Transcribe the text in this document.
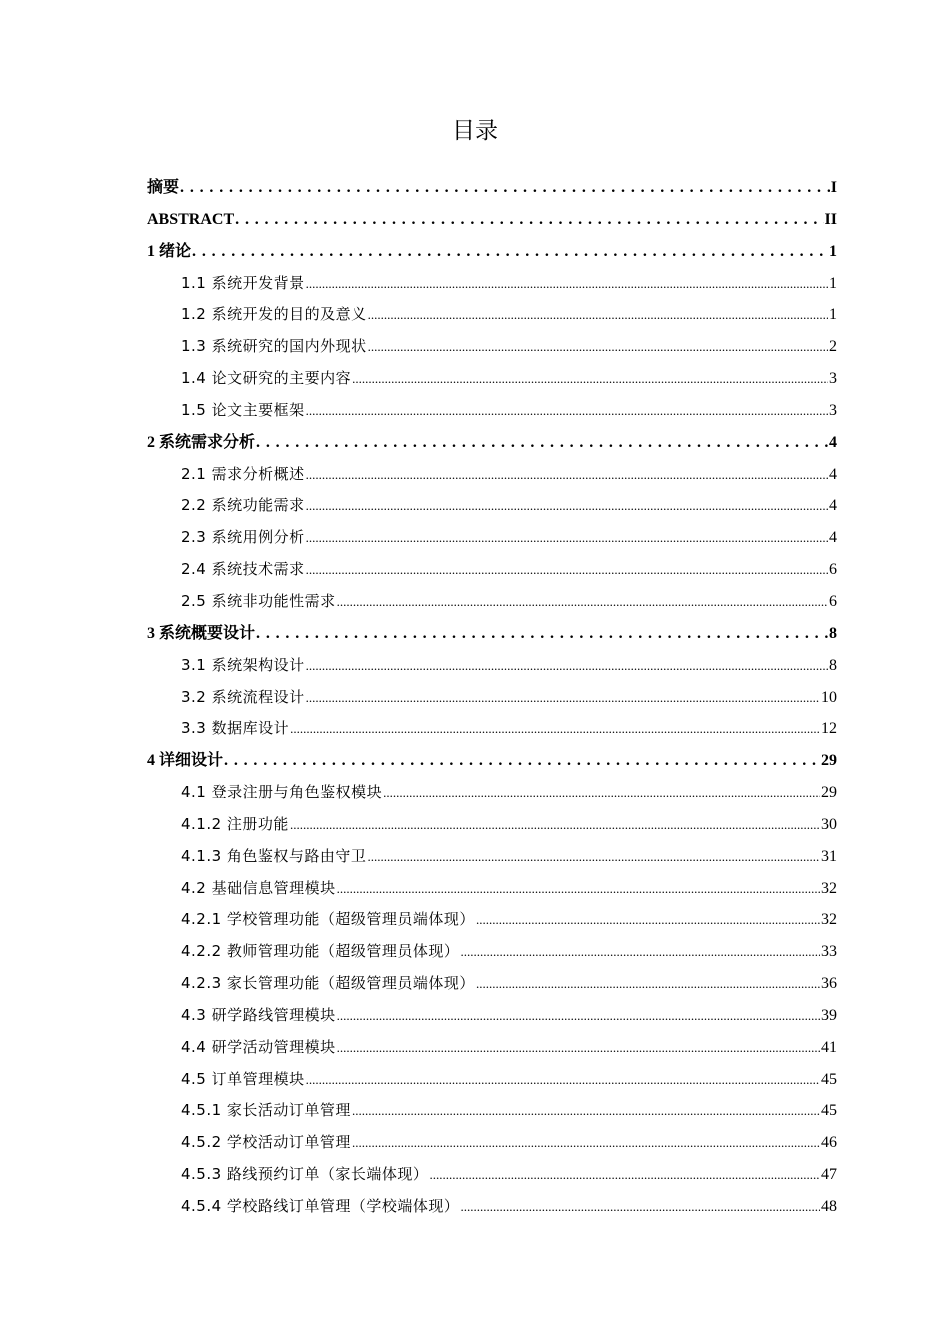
目录
摘要 . . .	I
ABSTRACT . . .	II
1 绪论 . . .	1
1.1 系统开发背景 .....	1
1.2 系统开发的目的及意义 .....	1
1.3 系统研究的国内外现状 .....	2
1.4 论文研究的主要内容 .....	3
1.5 论文主要框架 .....	3
2 系统需求分析 . . .	4
2.1 需求分析概述 .....	4
2.2 系统功能需求 .....	4
2.3 系统用例分析 .....	4
2.4 系统技术需求 .....	6
2.5 系统非功能性需求 .....	6
3 系统概要设计 . . .	8
3.1 系统架构设计 .....	8
3.2 系统流程设计 .....	10
3.3 数据库设计 .....	12
4 详细设计 . . .	29
4.1 登录注册与角色鉴权模块 .....	29
4.1.2 注册功能 .....	30
4.1.3 角色鉴权与路由守卫 .....	31
4.2 基础信息管理模块 .....	32
4.2.1 学校管理功能（超级管理员端体现） .....	32
4.2.2 教师管理功能（超级管理员体现） .....	33
4.2.3 家长管理功能（超级管理员端体现） .....	36
4.3 研学路线管理模块 .....	39
4.4 研学活动管理模块 .....	41
4.5 订单管理模块 .....	45
4.5.1 家长活动订单管理 .....	45
4.5.2 学校活动订单管理 .....	46
4.5.3 路线预约订单（家长端体现） .....	47
4.5.4 学校路线订单管理（学校端体现） .....	48
